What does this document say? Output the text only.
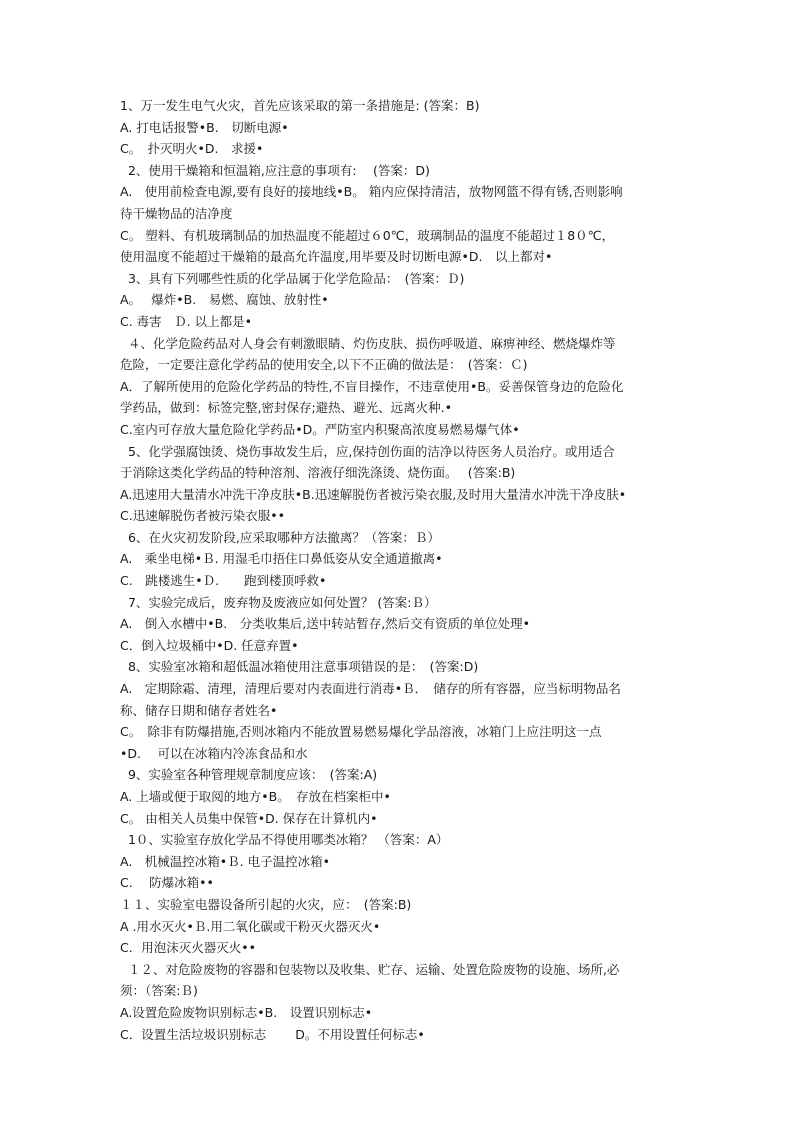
1、万一发生电气火灾，首先应该采取的第一条措施是: (答案：B)
A. 打电话报警•B.　切断电源•
C。　扑灭明火•D.　求援•
2、使用干燥箱和恒温箱,应注意的事项有:　 (答案：D)
A.　使用前检查电源,要有良好的接地线•B。 箱内应保持清洁，放物网篮不得有锈,否则影响
待干燥物品的洁净度
C。 塑料、有机玻璃制品的加热温度不能超过６0℃，玻璃制品的温度不能超过１8０℃，
使用温度不能超过干燥箱的最高允许温度,用毕要及时切断电源•D.　以上都对•
3、具有下列哪些性质的化学品属于化学危险品：　(答案：Ｄ)
A。　 爆炸•B.　易燃、腐蚀、放射性•
C. 毒害　Ｄ. 以上都是•
４、化学危险药品对人身会有刺激眼睛、灼伤皮肤、损伤呼吸道、麻痹神经、燃烧爆炸等
危险，一定要注意化学药品的使用安全,以下不正确的做法是：　(答案：Ｃ)
A．了解所使用的危险化学药品的特性,不盲目操作，不违章使用•B。妥善保管身边的危险化
学药品，做到：标签完整,密封保存;避热、避光、远离火种.•
C.室内可存放大量危险化学药品•D。严防室内积聚高浓度易燃易爆气体•
5、化学强腐蚀烫、烧伤事故发生后，应,保持创伤面的洁净以待医务人员治疗。或用适合
于消除这类化学药品的特种溶剂、溶液仔细洗涤烫、烧伤面。　 (答案:B)
A.迅速用大量清水冲洗干净皮肤•B.迅速解脱伤者被污染衣服,及时用大量清水冲洗干净皮肤•
C.迅速解脱伤者被污染衣服••
6、在火灾初发阶段,应采取哪种方法撤离？（答案：Ｂ）
A.　乘坐电梯•Ｂ. 用湿毛巾捂住口鼻低姿从安全通道撤离•
C.　跳楼逃生•Ｄ.　　跑到楼顶呼救•
7、实验完成后，废弃物及废液应如何处置？ (答案:Ｂ）
A.　倒入水槽中•B.　分类收集后,送中转站暂存,然后交有资质的单位处理•
C．倒入垃圾桶中•D. 任意弃置•
8、实验室冰箱和超低温冰箱使用注意事项错误的是：　(答案:D)
A.　定期除霜、清理，清理后要对内表面进行消毒•Ｂ．　储存的所有容器，应当标明物品名
称、储存日期和储存者姓名•
C。　除非有防爆措施,否则冰箱内不能放置易燃易爆化学品溶液，冰箱门上应注明这一点
•D.　 可以在冰箱内冷冻食品和水
9、实验室各种管理规章制度应该：　(答案:A)
A. 上墙或便于取阅的地方•B。　存放在档案柜中•
C。 由相关人员集中保管•D. 保存在计算机内•
1０、实验室存放化学品不得使用哪类冰箱？ （答案：A）
A.　机械温控冰箱•Ｂ. 电子温控冰箱•
C.　 防爆冰箱••
１１、实验室电器设备所引起的火灾，应：　(答案:B)
A .用水灭火•Ｂ.用二氧化碳或干粉灭火器灭火•
C．用泡沫灭火器灭火••
１２、对危险废物的容器和包装物以及收集、贮存、运输、处置危险废物的设施、场所,必
须：（答案:Ｂ)
A.设置危险废物识别标志•B.　设置识别标志•
C．设置生活垃圾识别标志　　 D。不用设置任何标志•
